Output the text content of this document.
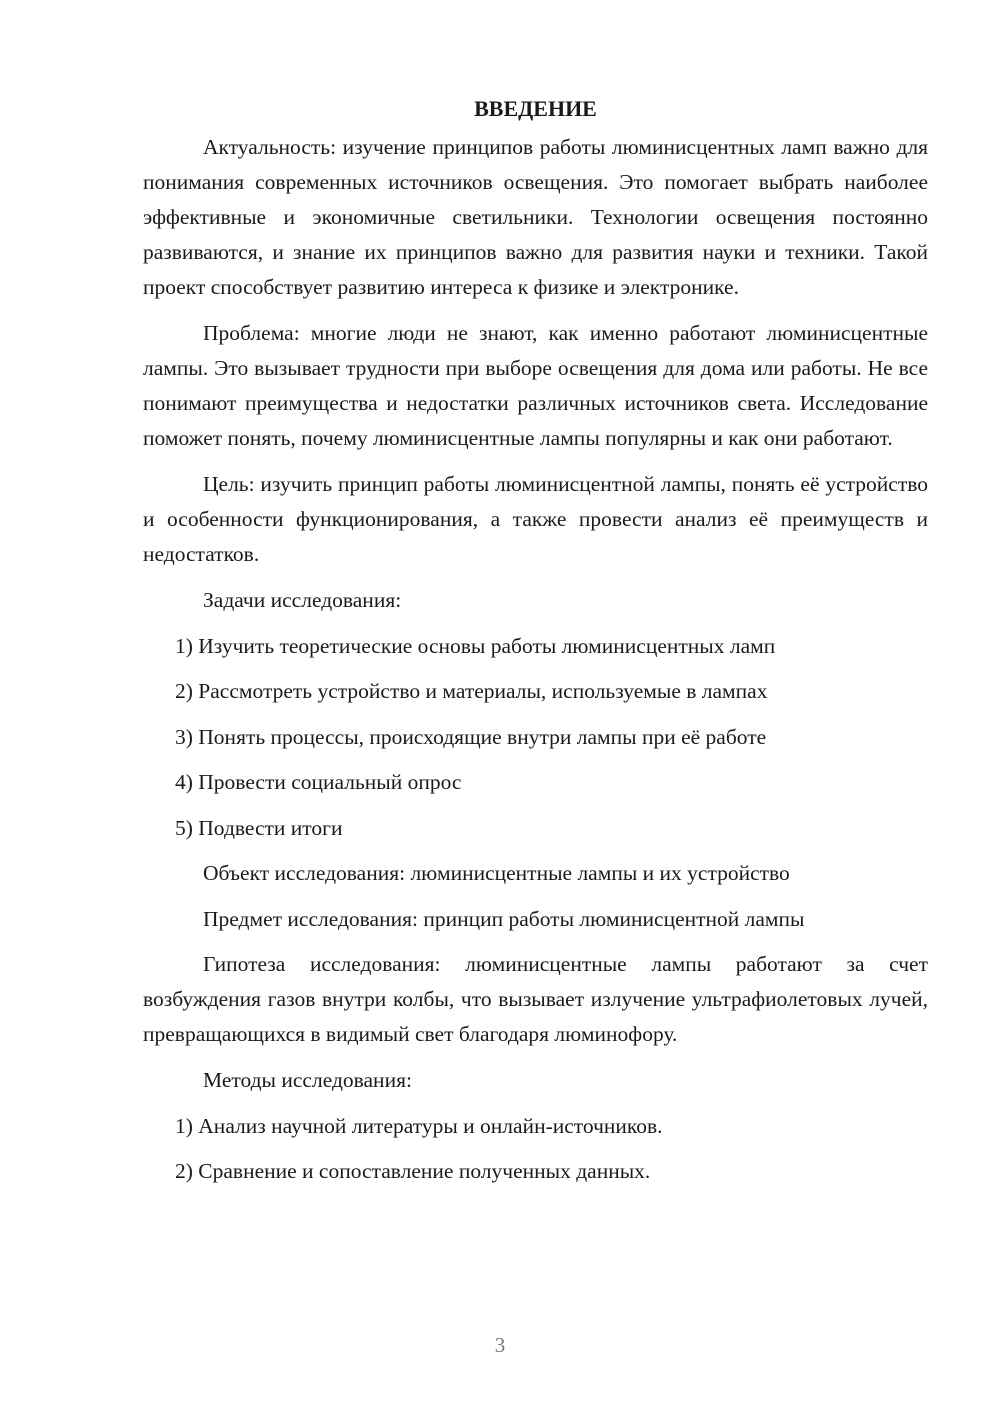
ВВЕДЕНИЕ

Актуальность: изучение принципов работы люминисцентных ламп важно для понимания современных источников освещения. Это помогает выбрать наиболее эффективные и экономичные светильники. Технологии освещения постоянно развиваются, и знание их принципов важно для развития науки и техники. Такой проект способствует развитию интереса к физике и электронике.

Проблема: многие люди не знают, как именно работают люминисцентные лампы. Это вызывает трудности при выборе освещения для дома или работы. Не все понимают преимущества и недостатки различных источников света. Исследование поможет понять, почему люминисцентные лампы популярны и как они работают.

Цель: изучить принцип работы люминисцентной лампы, понять её устройство и особенности функционирования, а также провести анализ её преимуществ и недостатков.

Задачи исследования:
1) Изучить теоретические основы работы люминисцентных ламп
2) Рассмотреть устройство и материалы, используемые в лампах
3) Понять процессы, происходящие внутри лампы при её работе
4) Провести социальный опрос
5) Подвести итоги
Объект исследования: люминисцентные лампы и их устройство
Предмет исследования: принцип работы люминисцентной лампы

Гипотеза исследования: люминисцентные лампы работают за счет возбуждения газов внутри колбы, что вызывает излучение ультрафиолетовых лучей, превращающихся в видимый свет благодаря люминофору.

Методы исследования:
1) Анализ научной литературы и онлайн-источников.
2) Сравнение и сопоставление полученных данных.
3
